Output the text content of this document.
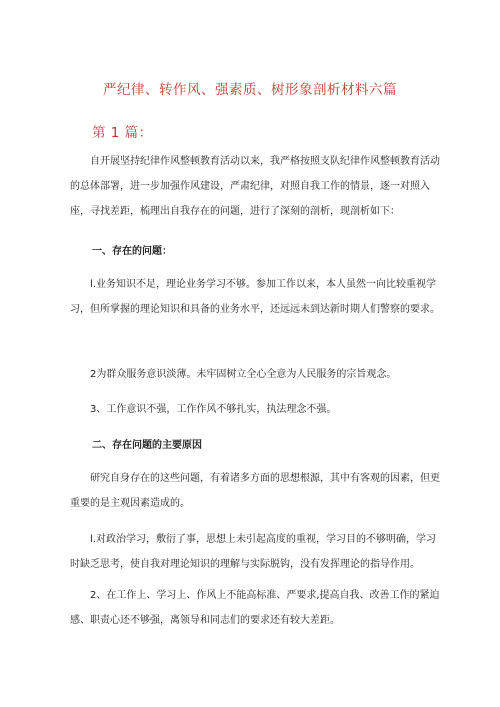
严纪律、转作风、强素质、树形象剖析材料六篇
第 1 篇：

自开展坚持纪律作风整顿教育活动以来，我严格按照支队纪律作风整顿教育活动的总体部署，进一步加强作风建设，严肃纪律，对照自我工作的情景，逐一对照入座，寻找差距，梳理出自我存在的问题，进行了深刻的剖析，现剖析如下：

一、存在的问题：

l.业务知识不足，理论业务学习不够。参加工作以来，本人虽然一向比较重视学习，但所掌握的理论知识和具备的业务水平，还远远未到达新时期人们警察的要求。

2为群众服务意识淡薄。未牢固树立全心全意为人民服务的宗旨观念。

3、工作意识不强，工作作风不够扎实，执法理念不强。

二、存在问题的主要原因

研究自身存在的这些问题，有着诸多方面的思想根源，其中有客观的因素，但更重要的是主观因素造成的。

l.对政治学习，敷衍了事，思想上未引起高度的重视，学习目的不够明确，学习时缺乏思考，使自我对理论知识的理解与实际脱钩，没有发挥理论的指导作用。

2、在工作上、学习上、作风上不能高标准、严要求,提高自我、改善工作的紧迫感、职责心还不够强，离领导和同志们的要求还有较大差距。
